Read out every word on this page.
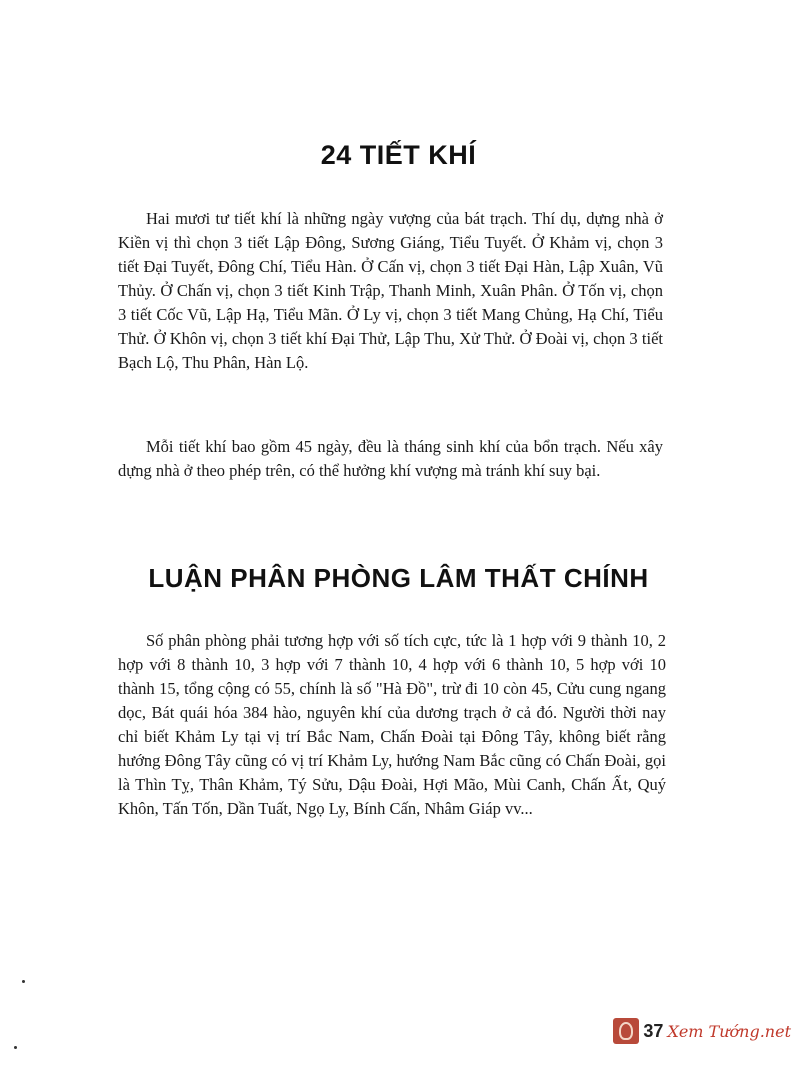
24 TIẾT KHÍ

Hai mươi tư tiết khí là những ngày vượng của bát trạch. Thí dụ, dựng nhà ở Kiền vị thì chọn 3 tiết Lập Đông, Sương Giáng, Tiểu Tuyết. Ở Khảm vị, chọn 3 tiết Đại Tuyết, Đông Chí, Tiểu Hàn. Ở Cấn vị, chọn 3 tiết Đại Hàn, Lập Xuân, Vũ Thủy. Ở Chấn vị, chọn 3 tiết Kinh Trập, Thanh Minh, Xuân Phân. Ở Tốn vị, chọn 3 tiết Cốc Vũ, Lập Hạ, Tiểu Mãn. Ở Ly vị, chọn 3 tiết Mang Chủng, Hạ Chí, Tiểu Thử. Ở Khôn vị, chọn 3 tiết khí Đại Thử, Lập Thu, Xử Thử. Ở Đoài vị, chọn 3 tiết Bạch Lộ, Thu Phân, Hàn Lộ.

Mỗi tiết khí bao gồm 45 ngày, đều là tháng sinh khí của bổn trạch. Nếu xây dựng nhà ở theo phép trên, có thể hưởng khí vượng mà tránh khí suy bại.

LUẬN PHÂN PHÒNG LÂM THẤT CHÍNH

Số phân phòng phải tương hợp với số tích cực, tức là 1 hợp với 9 thành 10, 2 hợp với 8 thành 10, 3 hợp với 7 thành 10, 4 hợp với 6 thành 10, 5 hợp với 10 thành 15, tổng cộng có 55, chính là số "Hà Đồ", trừ đi 10 còn 45, Cửu cung ngang dọc, Bát quái hóa 384 hào, nguyên khí của dương trạch ở cả đó. Người thời nay chỉ biết Khảm Ly tại vị trí Bắc Nam, Chấn Đoài tại Đông Tây, không biết rằng hướng Đông Tây cũng có vị trí Khảm Ly, hướng Nam Bắc cũng có Chấn Đoài, gọi là Thìn Tỵ, Thân Khảm, Tý Sửu, Dậu Đoài, Hợi Mão, Mùi Canh, Chấn Ất, Quý Khôn, Tấn Tốn, Dần Tuất, Ngọ Ly, Bính Cấn, Nhâm Giáp vv...

37 Xem Tướng.net
